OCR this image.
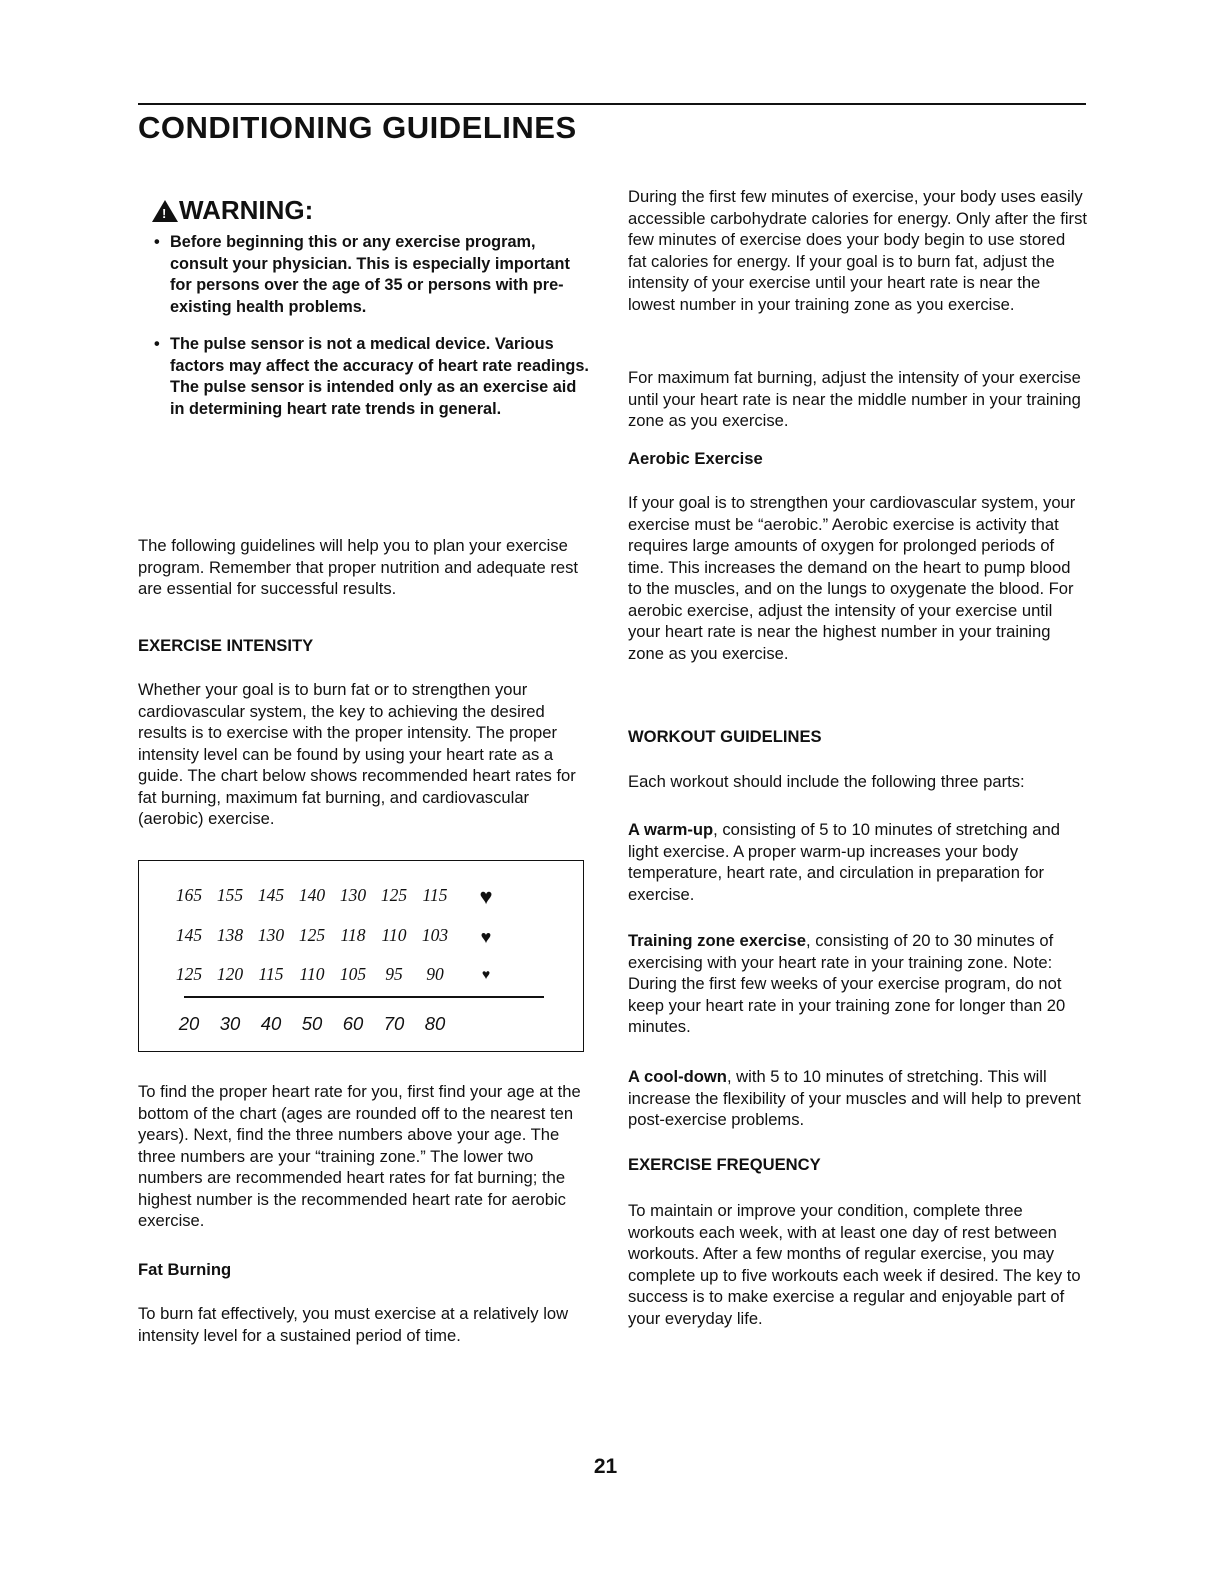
CONDITIONING GUIDELINES
!
WARNING:
• Before beginning this or any exercise program, consult your physician. This is especially important for persons over the age of 35 or persons with pre-existing health problems.
• The pulse sensor is not a medical device. Various factors may affect the accuracy of heart rate readings. The pulse sensor is intended only as an exercise aid in determining heart rate trends in general.

The following guidelines will help you to plan your exercise program. Remember that proper nutrition and adequate rest are essential for successful results.

EXERCISE INTENSITY

Whether your goal is to burn fat or to strengthen your cardiovascular system, the key to achieving the desired results is to exercise with the proper intensity. The proper intensity level can be found by using your heart rate as a guide. The chart below shows recommended heart rates for fat burning, maximum fat burning, and cardiovascular (aerobic) exercise.

165 155 145 140 130 125 115	♥
145 138 130 125 118 110 103	♥
125 120 115 110 105	95	90	♥
20	30	40	50	60	70	80

To find the proper heart rate for you, first find your age at the bottom of the chart (ages are rounded off to the nearest ten years). Next, find the three numbers above your age. The three numbers are your “training zone.” The lower two numbers are recommended heart rates for fat burning; the highest number is the recommended heart rate for aerobic exercise.

Fat Burning

To burn fat effectively, you must exercise at a relatively low intensity level for a sustained period of time.

During the first few minutes of exercise, your body uses easily accessible carbohydrate calories for energy. Only after the first few minutes of exercise does your body begin to use stored fat calories for energy. If your goal is to burn fat, adjust the intensity of your exercise until your heart rate is near the lowest number in your training zone as you exercise.

For maximum fat burning, adjust the intensity of your exercise until your heart rate is near the middle number in your training zone as you exercise.

Aerobic Exercise

If your goal is to strengthen your cardiovascular system, your exercise must be “aerobic.” Aerobic exercise is activity that requires large amounts of oxygen for prolonged periods of time. This increases the demand on the heart to pump blood to the muscles, and on the lungs to oxygenate the blood. For aerobic exercise, adjust the intensity of your exercise until your heart rate is near the highest number in your training zone as you exercise.

WORKOUT GUIDELINES

Each workout should include the following three parts:

A warm-up, consisting of 5 to 10 minutes of stretching and light exercise. A proper warm-up increases your body temperature, heart rate, and circulation in preparation for exercise.

Training zone exercise, consisting of 20 to 30 minutes of exercising with your heart rate in your training zone. Note: During the first few weeks of your exercise program, do not keep your heart rate in your training zone for longer than 20 minutes.

A cool-down, with 5 to 10 minutes of stretching. This will increase the flexibility of your muscles and will help to prevent post-exercise problems.

EXERCISE FREQUENCY

To maintain or improve your condition, complete three workouts each week, with at least one day of rest between workouts. After a few months of regular exercise, you may complete up to five workouts each week if desired. The key to success is to make exercise a regular and enjoyable part of your everyday life.

21
